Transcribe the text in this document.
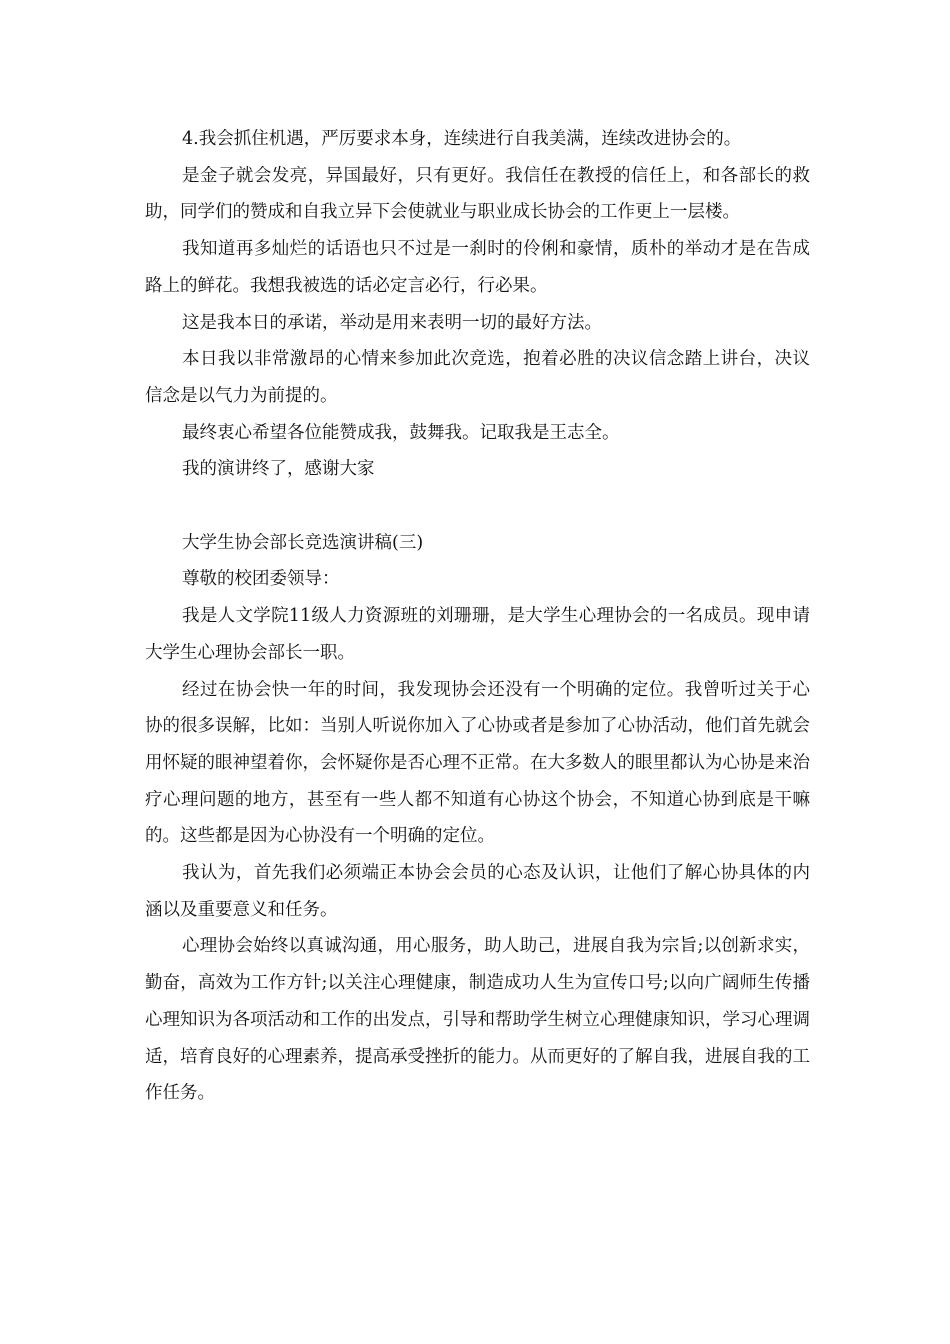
4.我会抓住机遇，严厉要求本身，连续进行自我美满，连续改进协会的。

是金子就会发亮，异国最好，只有更好。我信任在教授的信任上，和各部长的救助，同学们的赞成和自我立异下会使就业与职业成长协会的工作更上一层楼。

我知道再多灿烂的话语也只不过是一刹时的伶俐和豪情，质朴的举动才是在告成路上的鲜花。我想我被选的话必定言必行，行必果。

这是我本日的承诺，举动是用来表明一切的最好方法。

本日我以非常激昂的心情来参加此次竞选，抱着必胜的决议信念踏上讲台，决议信念是以气力为前提的。

最终衷心希望各位能赞成我，鼓舞我。记取我是王志全。

我的演讲终了，感谢大家

大学生协会部长竞选演讲稿(三)

尊敬的校团委领导：

我是人文学院11级人力资源班的刘珊珊，是大学生心理协会的一名成员。现申请大学生心理协会部长一职。

经过在协会快一年的时间，我发现协会还没有一个明确的定位。我曾听过关于心协的很多误解，比如：当别人听说你加入了心协或者是参加了心协活动，他们首先就会用怀疑的眼神望着你，会怀疑你是否心理不正常。在大多数人的眼里都认为心协是来治疗心理问题的地方，甚至有一些人都不知道有心协这个协会，不知道心协到底是干嘛的。这些都是因为心协没有一个明确的定位。

我认为，首先我们必须端正本协会会员的心态及认识，让他们了解心协具体的内涵以及重要意义和任务。

心理协会始终以真诚沟通，用心服务，助人助己，进展自我为宗旨;以创新求实，勤奋，高效为工作方针;以关注心理健康，制造成功人生为宣传口号;以向广阔师生传播心理知识为各项活动和工作的出发点，引导和帮助学生树立心理健康知识，学习心理调适，培育良好的心理素养，提高承受挫折的能力。从而更好的了解自我，进展自我的工作任务。
